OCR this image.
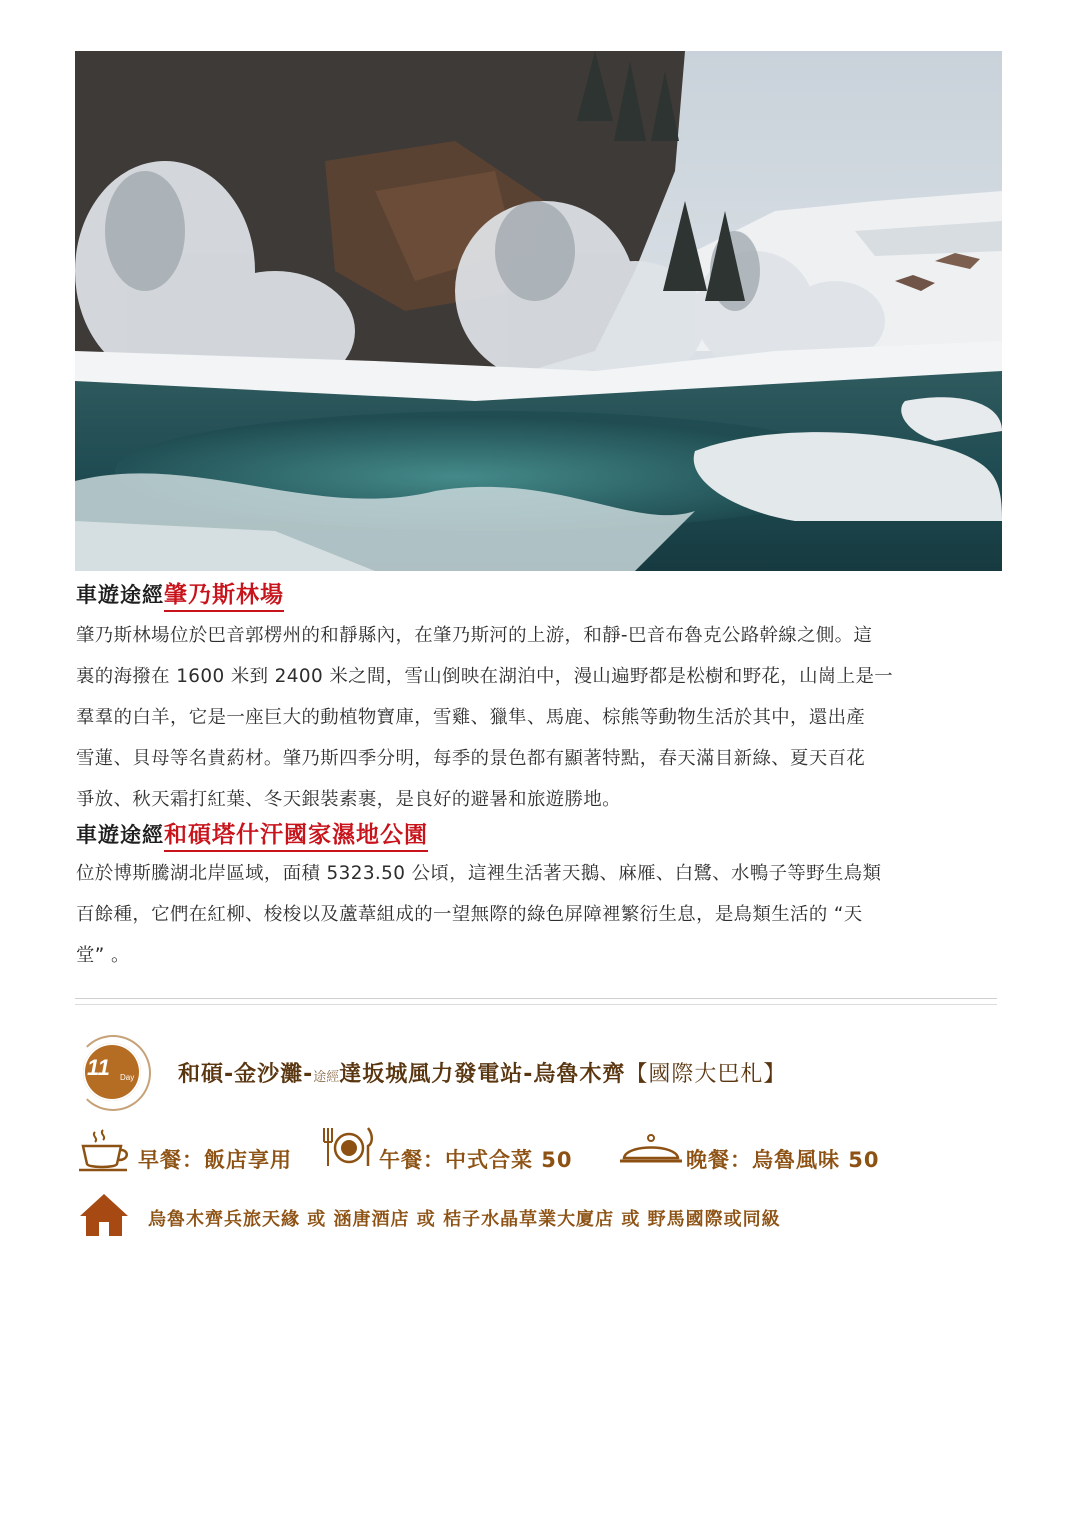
車遊途經肇乃斯林場
肇乃斯林場位於巴音郭楞州的和靜縣內，在肇乃斯河的上游，和靜-巴音布魯克公路幹線之側。這
裏的海撥在 1600 米到 2400 米之間，雪山倒映在湖泊中，漫山遍野都是松樹和野花，山崗上是一
羣羣的白羊，它是一座巨大的動植物寶庫，雪雞、獵隼、馬鹿、棕熊等動物生活於其中，還出產
雪蓮、貝母等名貴葯材。肇乃斯四季分明，每季的景色都有顯著特點，春天滿目新綠、夏天百花
爭放、秋天霜打紅葉、冬天銀裝素裹，是良好的避暑和旅遊勝地。
車遊途經和碩塔什汗國家濕地公園
位於博斯騰湖北岸區域，面積 5323.50 公頃，這裡生活著天鵝、麻雁、白鷺、水鴨子等野生鳥類
百餘種，它們在紅柳、梭梭以及蘆葦組成的一望無際的綠色屏障裡繁衍生息，是鳥類生活的 “天
堂” 。
11	Day 和碩-金沙灘-途經達坂城風力發電站-烏魯木齊【國際大巴札】
早餐：飯店享用	午餐：中式合菜 50	晚餐：烏魯風味 50
烏魯木齊兵旅天緣 或 涵唐酒店 或 桔子水晶草業大廈店 或 野馬國際或同級
